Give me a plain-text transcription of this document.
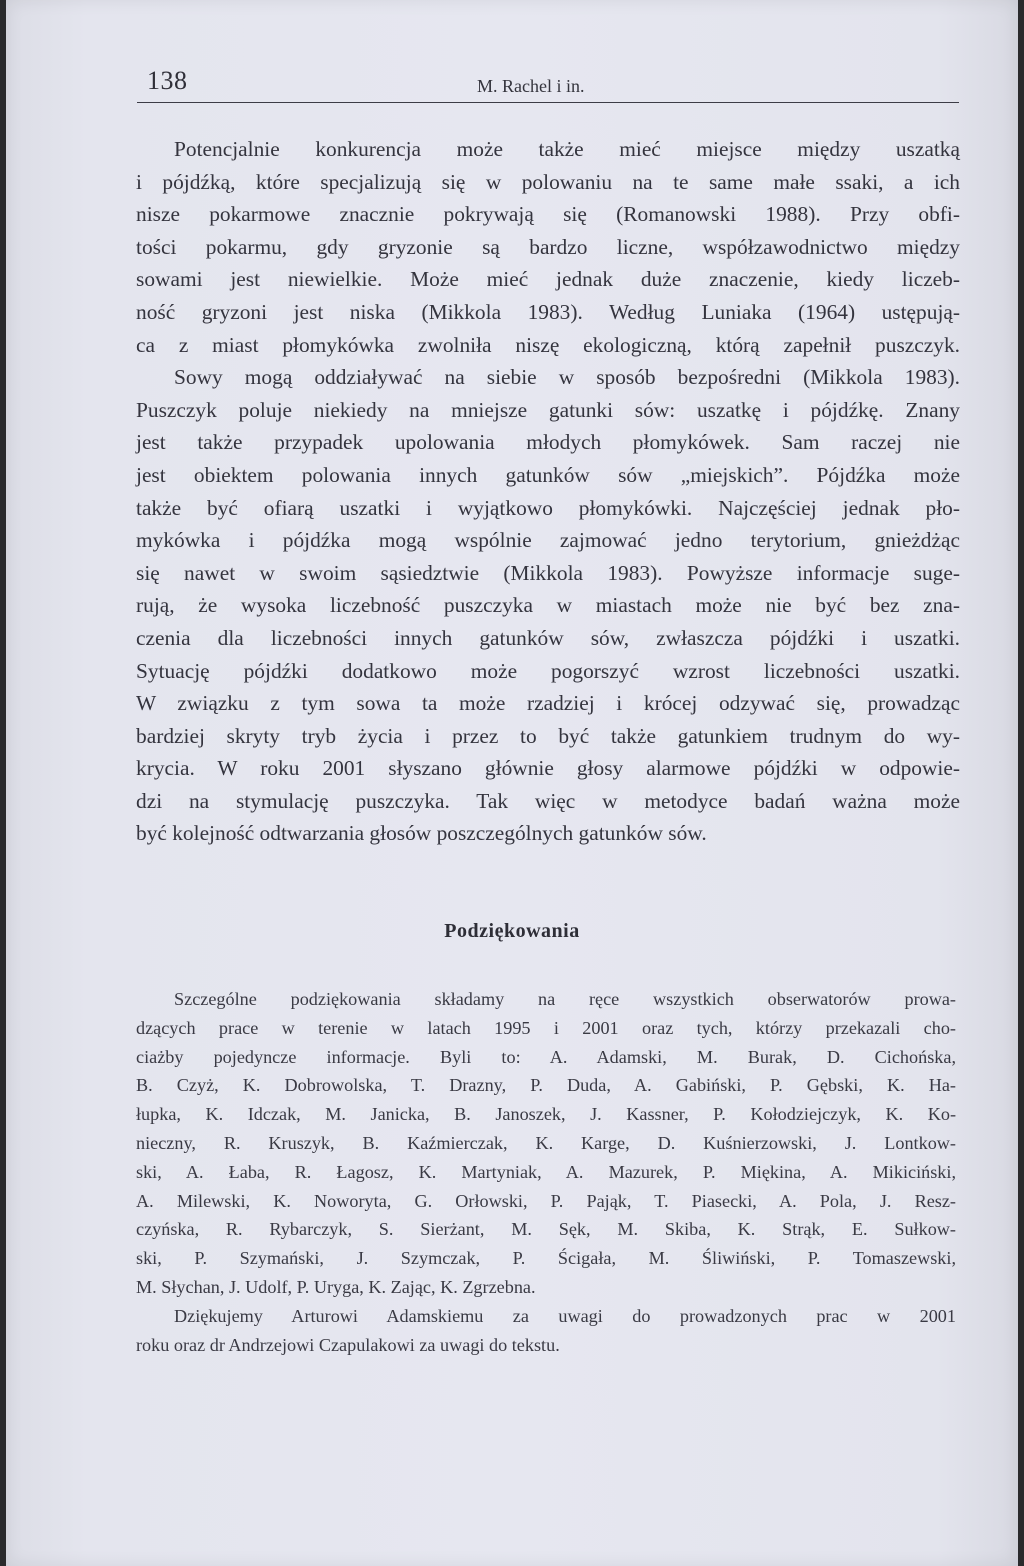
138	M. Rachel i in.
Potencjalnie konkurencja może także mieć miejsce między uszatką
i pójdźką, które specjalizują się w polowaniu na te same małe ssaki, a ich
nisze pokarmowe znacznie pokrywają się (Romanowski 1988). Przy obfi-
tości pokarmu, gdy gryzonie są bardzo liczne, współzawodnictwo między
sowami jest niewielkie. Może mieć jednak duże znaczenie, kiedy liczeb-
ność gryzoni jest niska (Mikkola 1983). Według Luniaka (1964) ustępują-
ca z miast płomykówka zwolniła niszę ekologiczną, którą zapełnił puszczyk.
Sowy mogą oddziaływać na siebie w sposób bezpośredni (Mikkola 1983).
Puszczyk poluje niekiedy na mniejsze gatunki sów: uszatkę i pójdźkę. Znany
jest także przypadek upolowania młodych płomykówek. Sam raczej nie
jest obiektem polowania innych gatunków sów „miejskich”. Pójdźka może
także być ofiarą uszatki i wyjątkowo płomykówki. Najczęściej jednak pło-
mykówka i pójdźka mogą wspólnie zajmować jedno terytorium, gnieżdżąc
się nawet w swoim sąsiedztwie (Mikkola 1983). Powyższe informacje suge-
rują, że wysoka liczebność puszczyka w miastach może nie być bez zna-
czenia dla liczebności innych gatunków sów, zwłaszcza pójdźki i uszatki.
Sytuację pójdźki dodatkowo może pogorszyć wzrost liczebności uszatki.
W związku z tym sowa ta może rzadziej i krócej odzywać się, prowadząc
bardziej skryty tryb życia i przez to być także gatunkiem trudnym do wy-
krycia. W roku 2001 słyszano głównie głosy alarmowe pójdźki w odpowie-
dzi na stymulację puszczyka. Tak więc w metodyce badań ważna może
być kolejność odtwarzania głosów poszczególnych gatunków sów.
Podziękowania
Szczególne podziękowania składamy na ręce wszystkich obserwatorów prowa-
dzących prace w terenie w latach 1995 i 2001 oraz tych, którzy przekazali cho-
ciażby pojedyncze informacje. Byli to: A. Adamski, M. Burak, D. Cichońska,
B. Czyż, K. Dobrowolska, T. Drazny, P. Duda, A. Gabiński, P. Gębski, K. Ha-
łupka, K. Idczak, M. Janicka, B. Janoszek, J. Kassner, P. Kołodziejczyk, K. Ko-
nieczny, R. Kruszyk, B. Kaźmierczak, K. Karge, D. Kuśnierzowski, J. Lontkow-
ski, A. Łaba, R. Łagosz, K. Martyniak, A. Mazurek, P. Miękina, A. Mikiciński,
A. Milewski, K. Noworyta, G. Orłowski, P. Pająk, T. Piasecki, A. Pola, J. Resz-
czyńska, R. Rybarczyk, S. Sierżant, M. Sęk, M. Skiba, K. Strąk, E. Sułkow-
ski, P. Szymański, J. Szymczak, P. Ścigała, M. Śliwiński, P. Tomaszewski,
M. Słychan, J. Udolf, P. Uryga, K. Zając, K. Zgrzebna.
Dziękujemy Arturowi Adamskiemu za uwagi do prowadzonych prac w 2001
roku oraz dr Andrzejowi Czapulakowi za uwagi do tekstu.
